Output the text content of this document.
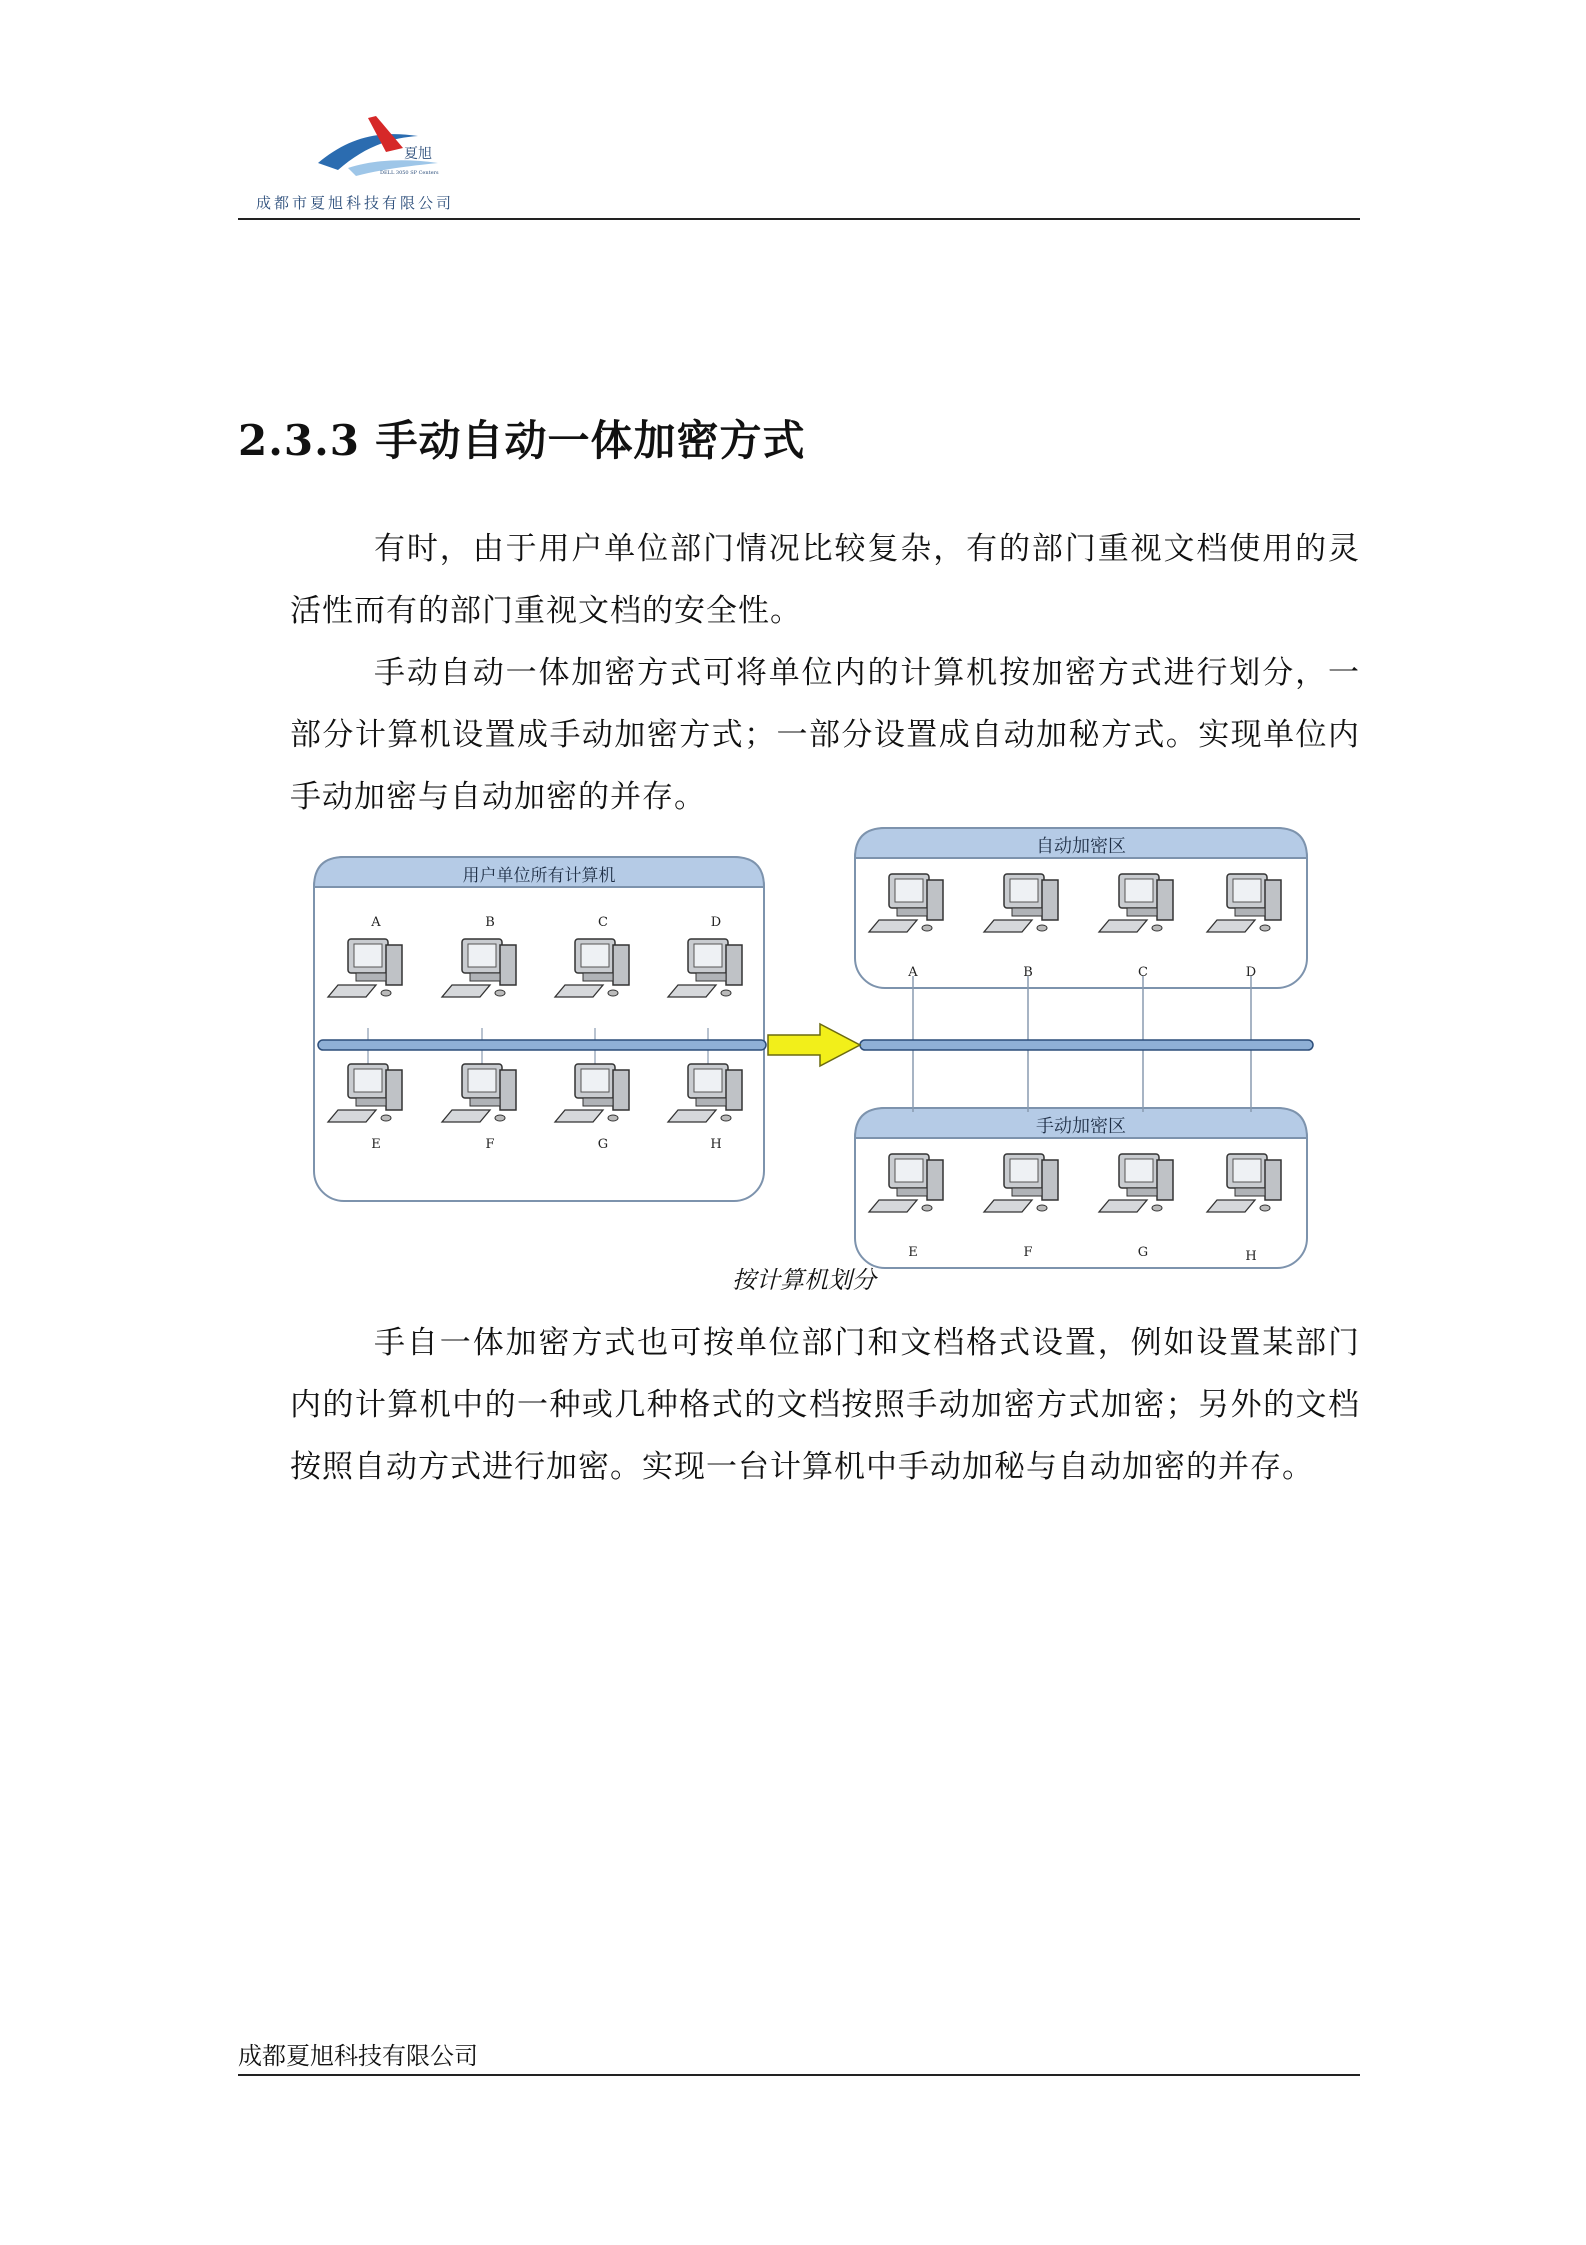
夏旭
DELL 3050 SP Centers
成都市夏旭科技有限公司
2.3.3 手动自动一体加密方式

有时，由于用户单位部门情况比较复杂，有的部门重视文档使用的灵活性而有的部门重视文档的安全性。

手动自动一体加密方式可将单位内的计算机按加密方式进行划分，一部分计算机设置成手动加密方式；一部分设置成自动加秘方式。实现单位内手动加密与自动加密的并存。

用户单位所有计算机
自动加密区
手动加密区
A	B	C	D
E	F	G	H
A	B	C	D
E	F	G	H
按计算机划分

手自一体加密方式也可按单位部门和文档格式设置，例如设置某部门内的计算机中的一种或几种格式的文档按照手动加密方式加密；另外的文档按照自动方式进行加密。实现一台计算机中手动加秘与自动加密的并存。

成都夏旭科技有限公司
